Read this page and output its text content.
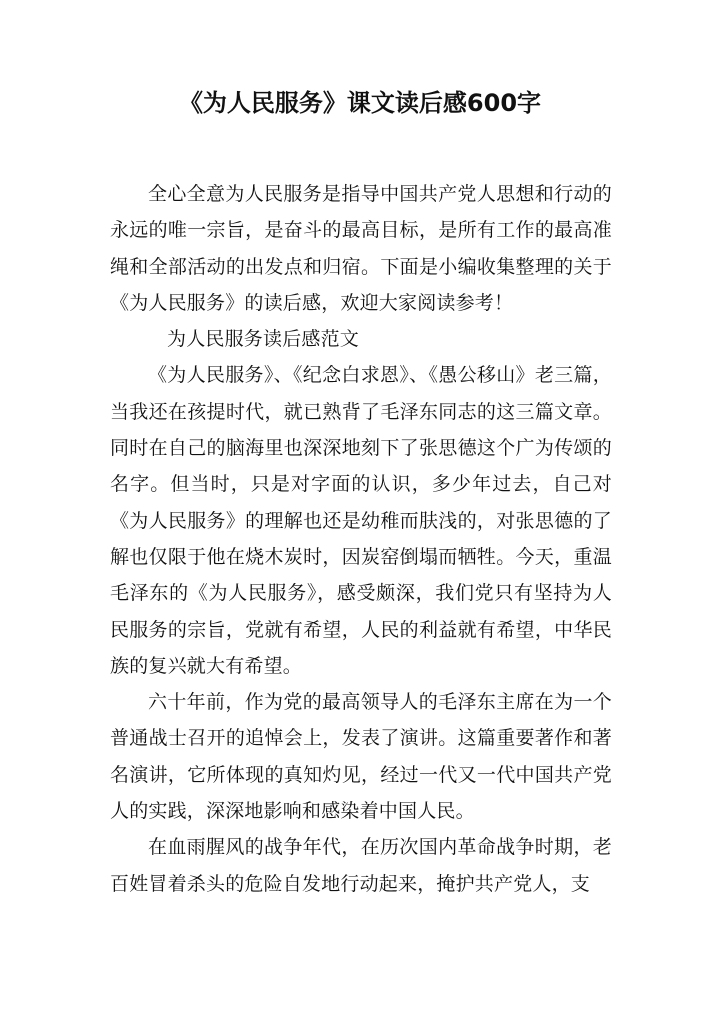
《为人民服务》课文读后感600字

全心全意为人民服务是指导中国共产党人思想和行动的永远的唯一宗旨，是奋斗的最高目标，是所有工作的最高准绳和全部活动的出发点和归宿。下面是小编收集整理的关于《为人民服务》的读后感，欢迎大家阅读参考！

为人民服务读后感范文

《为人民服务》、《纪念白求恩》、《愚公移山》老三篇，当我还在孩提时代，就已熟背了毛泽东同志的这三篇文章。同时在自己的脑海里也深深地刻下了张思德这个广为传颂的名字。但当时，只是对字面的认识，多少年过去，自己对《为人民服务》的理解也还是幼稚而肤浅的，对张思德的了解也仅限于他在烧木炭时，因炭窑倒塌而牺牲。今天，重温毛泽东的《为人民服务》，感受颇深，我们党只有坚持为人民服务的宗旨，党就有希望，人民的利益就有希望，中华民族的复兴就大有希望。

六十年前，作为党的最高领导人的毛泽东主席在为一个普通战士召开的追悼会上，发表了演讲。这篇重要著作和著名演讲，它所体现的真知灼见，经过一代又一代中国共产党人的实践，深深地影响和感染着中国人民。

在血雨腥风的战争年代，在历次国内革命战争时期，老百姓冒着杀头的危险自发地行动起来，掩护共产党人，支
